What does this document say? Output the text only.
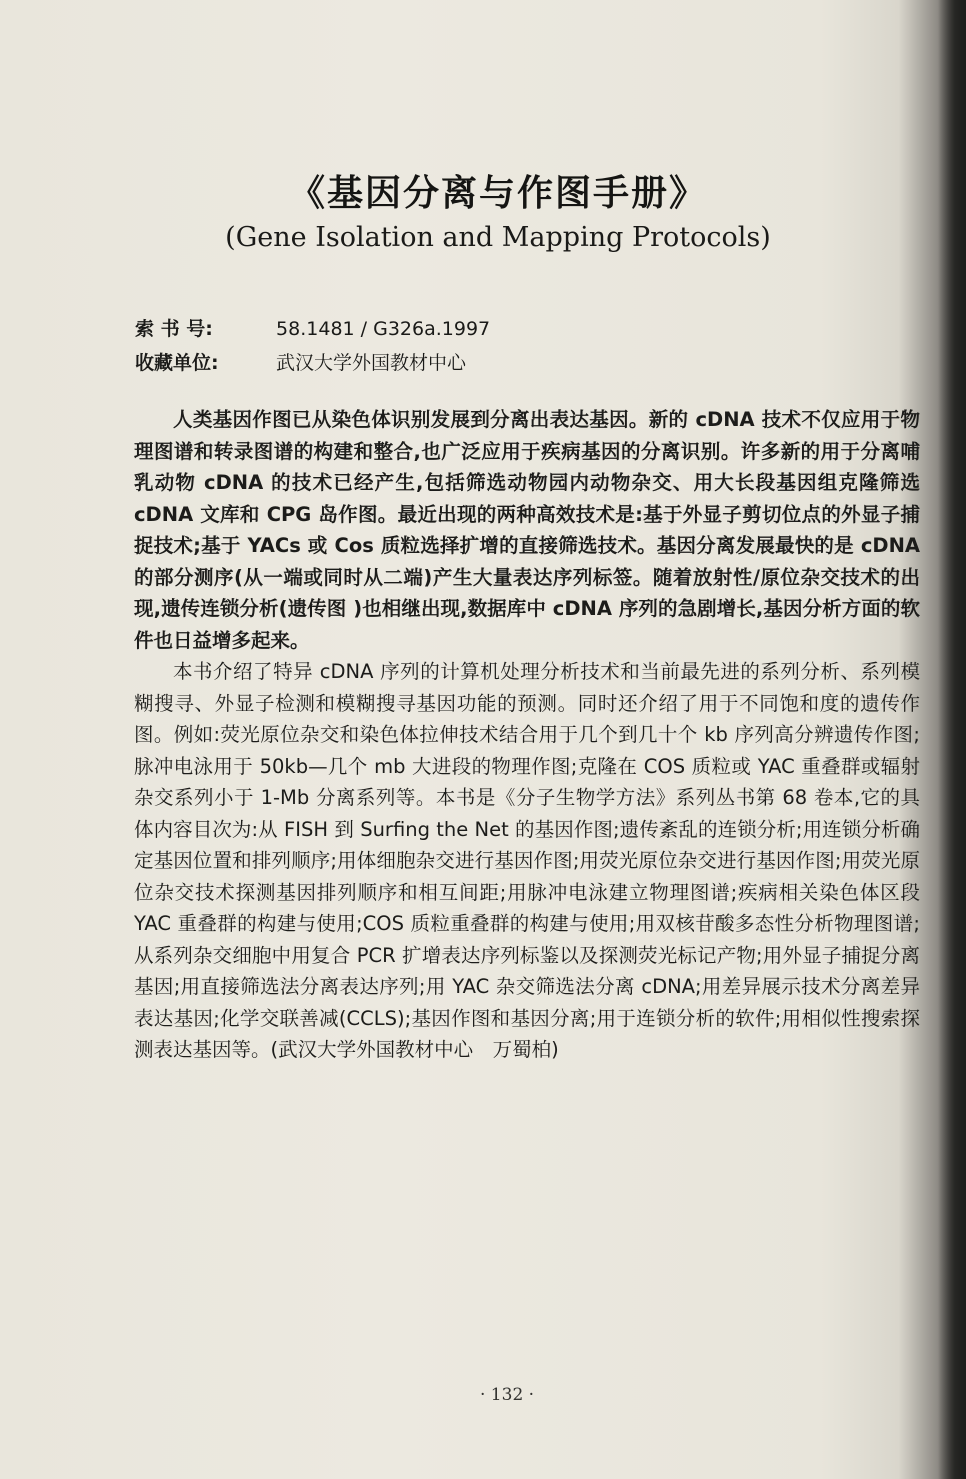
《基因分离与作图手册》
(Gene Isolation and Mapping Protocols)
索 书 号:	58.1481 / G326a.1997
收藏单位:	武汉大学外国教材中心

人类基因作图已从染色体识别发展到分离出表达基因。新的 cDNA 技术不仅应用于物理图谱和转录图谱的构建和整合,也广泛应用于疾病基因的分离识别。许多新的用于分离哺乳动物 cDNA 的技术已经产生,包括筛选动物园内动物杂交、用大长段基因组克隆筛选 cDNA 文库和 CPG 岛作图。最近出现的两种高效技术是:基于外显子剪切位点的外显子捕捉技术;基于 YACs 或 Cos 质粒选择扩增的直接筛选技术。基因分离发展最快的是 cDNA 的部分测序(从一端或同时从二端)产生大量表达序列标签。随着放射性/原位杂交技术的出现,遗传连锁分析(遗传图 )也相继出现,数据库中 cDNA 序列的急剧增长,基因分析方面的软件也日益增多起来。

本书介绍了特异 cDNA 序列的计算机处理分析技术和当前最先进的系列分析、系列模糊搜寻、外显子检测和模糊搜寻基因功能的预测。同时还介绍了用于不同饱和度的遗传作图。例如:荧光原位杂交和染色体拉伸技术结合用于几个到几十个 kb 序列高分辨遗传作图;脉冲电泳用于 50kb—几个 mb 大进段的物理作图;克隆在 COS 质粒或 YAC 重叠群或辐射杂交系列小于 1-Mb 分离系列等。本书是《分子生物学方法》系列丛书第 68 卷本,它的具体内容目次为:从 FISH 到 Surfing the Net 的基因作图;遗传紊乱的连锁分析;用连锁分析确定基因位置和排列顺序;用体细胞杂交进行基因作图;用荧光原位杂交进行基因作图;用荧光原位杂交技术探测基因排列顺序和相互间距;用脉冲电泳建立物理图谱;疾病相关染色体区段 YAC 重叠群的构建与使用;COS 质粒重叠群的构建与使用;用双核苷酸多态性分析物理图谱;从系列杂交细胞中用复合 PCR 扩增表达序列标鉴以及探测荧光标记产物;用外显子捕捉分离基因;用直接筛选法分离表达序列;用 YAC 杂交筛选法分离 cDNA;用差异展示技术分离差异表达基因;化学交联善减(CCLS);基因作图和基因分离;用于连锁分析的软件;用相似性搜索探测表达基因等。(武汉大学外国教材中心　万蜀柏)

· 132 ·
